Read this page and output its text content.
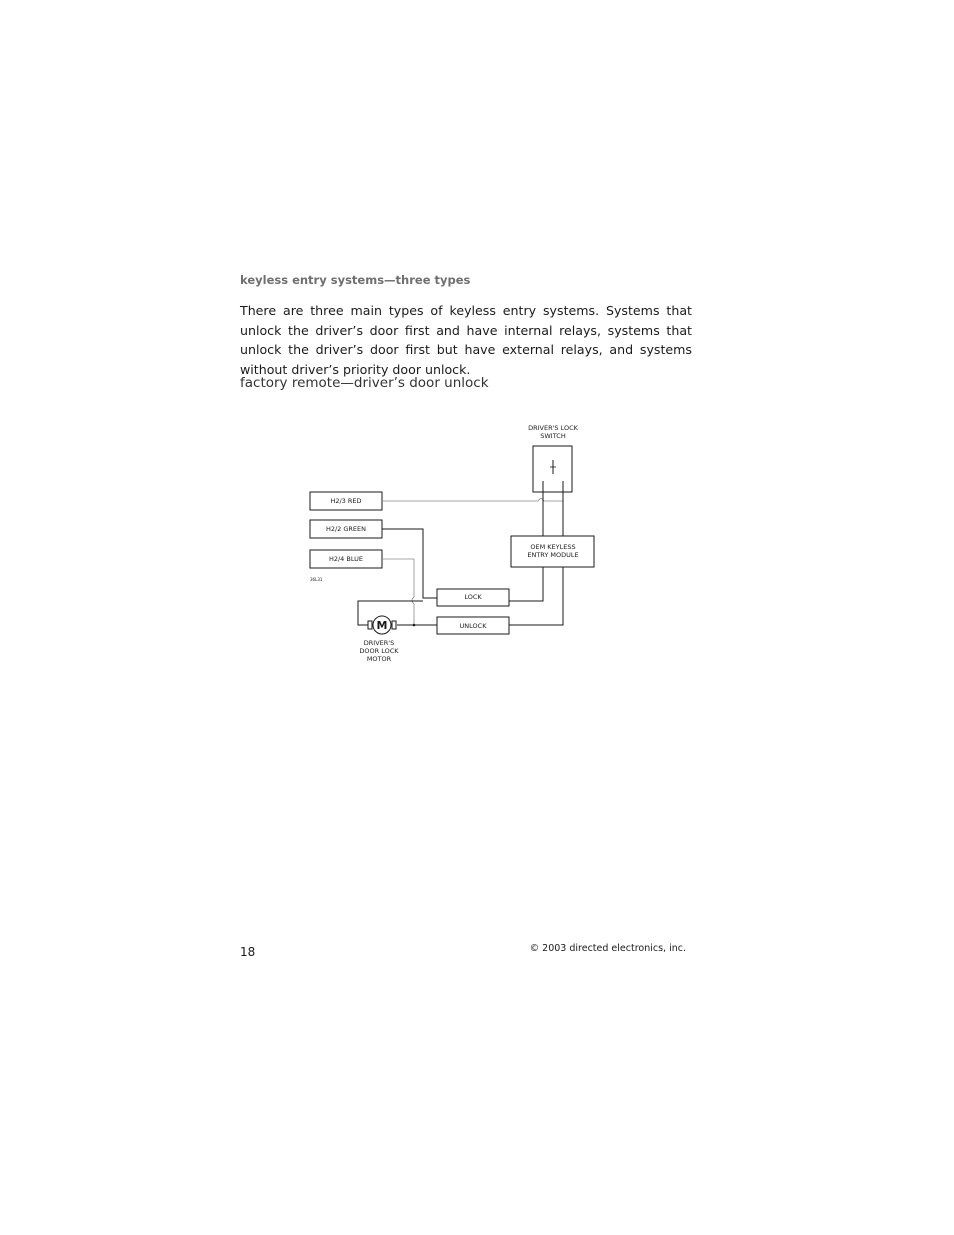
keyless entry systems—three types
There are three main types of keyless entry systems. Systems that unlock the driver’s door first and have internal relays, systems that unlock the driver’s door first but have external relays, and systems without driver’s priority door unlock.
factory remote—driver’s door unlock
DRIVER'S LOCK
SWITCH
H2/3 RED
H2/2 GREEN
H2/4 BLUE
36L31
OEM KEYLESS
ENTRY MODULE
LOCK
UNLOCK
M
DRIVER'S
DOOR LOCK
MOTOR
18	© 2003 directed electronics, inc.
